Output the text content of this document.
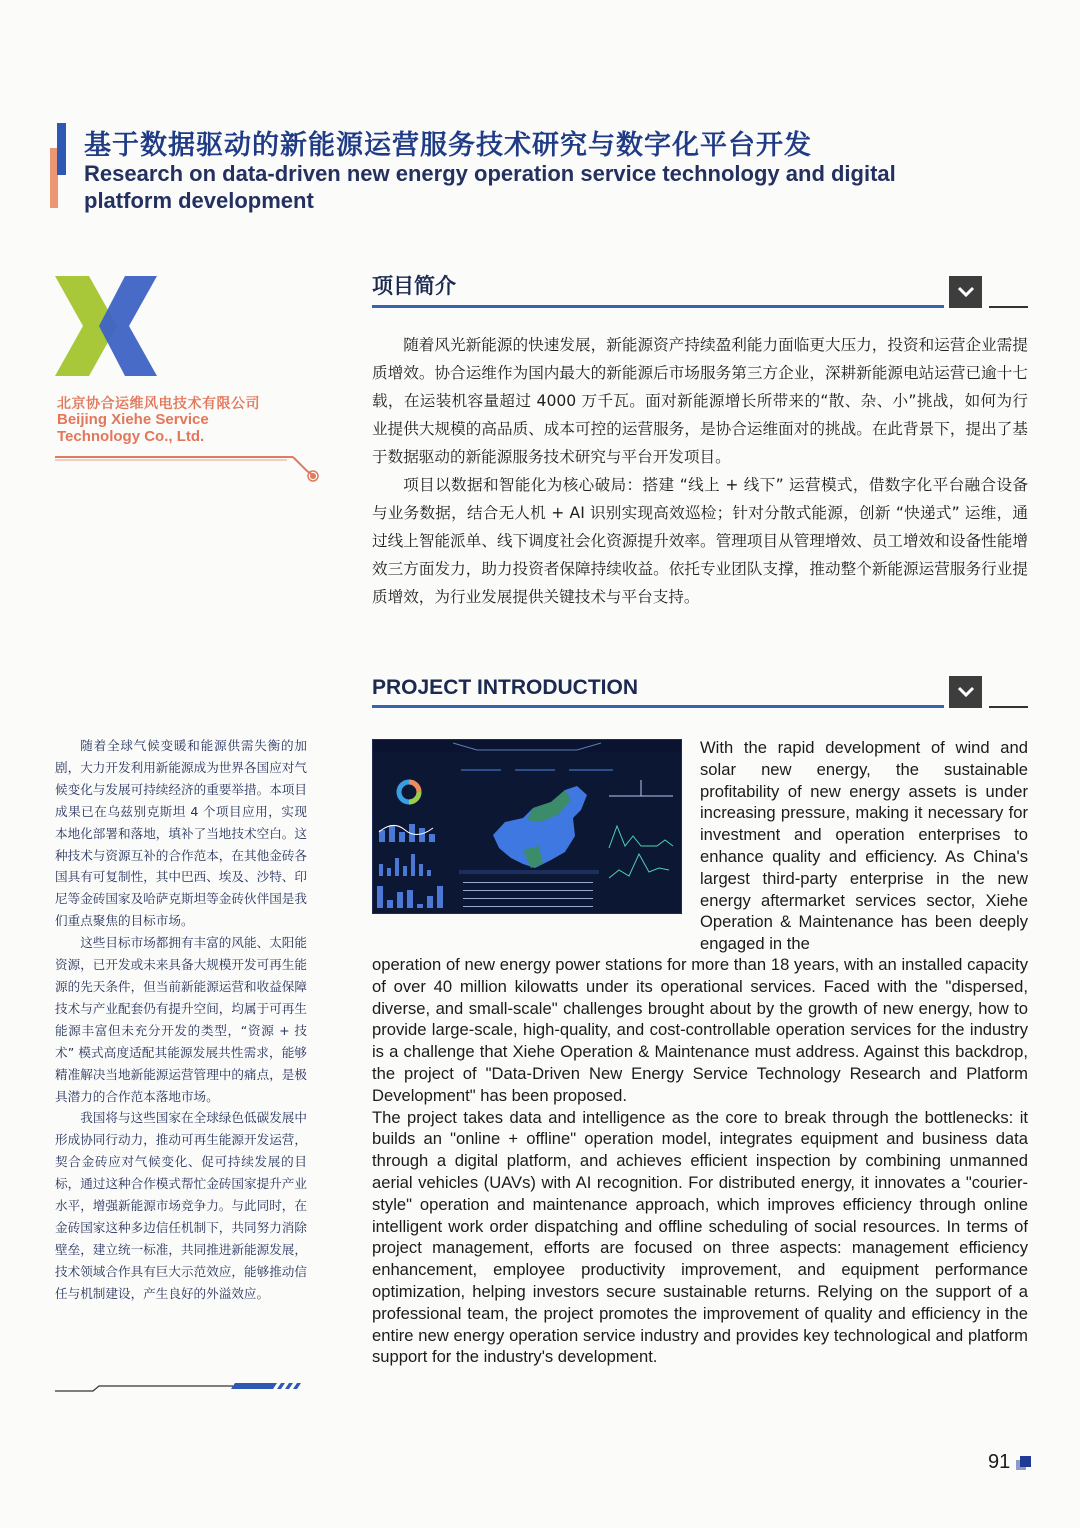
基于数据驱动的新能源运营服务技术研究与数字化平台开发
Research on data-driven new energy operation service technology and digital platform development
北京协合运维风电技术有限公司
Beijing Xiehe Service
Technology Co., Ltd.
项目简介

随着风光新能源的快速发展，新能源资产持续盈利能力面临更大压力，投资和运营企业需提质增效。协合运维作为国内最大的新能源后市场服务第三方企业，深耕新能源电站运营已逾十七载，在运装机容量超过 4000 万千瓦。面对新能源增长所带来的“散、杂、小”挑战，如何为行业提供大规模的高品质、成本可控的运营服务，是协合运维面对的挑战。在此背景下，提出了基于数据驱动的新能源服务技术研究与平台开发项目。

项目以数据和智能化为核心破局：搭建 “线上 + 线下” 运营模式，借数字化平台融合设备与业务数据，结合无人机 + AI 识别实现高效巡检；针对分散式能源，创新 “快递式” 运维，通过线上智能派单、线下调度社会化资源提升效率。管理项目从管理增效、员工增效和设备性能增效三方面发力，助力投资者保障持续收益。依托专业团队支撑，推动整个新能源运营服务行业提质增效，为行业发展提供关键技术与平台支持。

PROJECT INTRODUCTION
With the rapid development of wind and solar new energy, the sustainable profitability of new energy assets is under increasing pressure, making it necessary for investment and operation enterprises to enhance quality and efficiency. As China's largest third-party enterprise in the new energy aftermarket services sector, Xiehe Operation & Maintenance has been deeply engaged in the

operation of new energy power stations for more than 18 years, with an installed capacity of over 40 million kilowatts under its operational services. Faced with the "dispersed, diverse, and small-scale" challenges brought about by the growth of new energy, how to provide large-scale, high-quality, and cost-controllable operation services for the industry is a challenge that Xiehe Operation & Maintenance must address. Against this backdrop, the project of "Data-Driven New Energy Service Technology Research and Platform Development" has been proposed.

The project takes data and intelligence as the core to break through the bottlenecks: it builds an "online + offline" operation model, integrates equipment and business data through a digital platform, and achieves efficient inspection by combining unmanned aerial vehicles (UAVs) with AI recognition. For distributed energy, it innovates a "courier-style" operation and maintenance approach, which improves efficiency through online intelligent work order dispatching and offline scheduling of social resources. In terms of project management, efforts are focused on three aspects: management efficiency enhancement, employee productivity improvement, and equipment performance optimization, helping investors secure sustainable returns. Relying on the support of a professional team, the project promotes the improvement of quality and efficiency in the entire new energy operation service industry and provides key technological and platform support for the industry's development.

随着全球气候变暖和能源供需失衡的加剧，大力开发利用新能源成为世界各国应对气候变化与发展可持续经济的重要举措。本项目成果已在乌兹别克斯坦 4 个项目应用，实现本地化部署和落地，填补了当地技术空白。这种技术与资源互补的合作范本，在其他金砖各国具有可复制性，其中巴西、埃及、沙特、印尼等金砖国家及哈萨克斯坦等金砖伙伴国是我们重点聚焦的目标市场。

这些目标市场都拥有丰富的风能、太阳能资源，已开发或未来具备大规模开发可再生能源的先天条件，但当前新能源运营和收益保障技术与产业配套仍有提升空间，均属于可再生能源丰富但未充分开发的类型，“资源 + 技术” 模式高度适配其能源发展共性需求，能够精准解决当地新能源运营管理中的痛点，是极具潜力的合作范本落地市场。

我国将与这些国家在全球绿色低碳发展中形成协同行动力，推动可再生能源开发运营，契合金砖应对气候变化、促可持续发展的目标，通过这种合作模式帮忙金砖国家提升产业水平，增强新能源市场竞争力。与此同时，在金砖国家这种多边信任机制下，共同努力消除壁垒，建立统一标准，共同推进新能源发展，技术领域合作具有巨大示范效应，能够推动信任与机制建设，产生良好的外溢效应。

91
